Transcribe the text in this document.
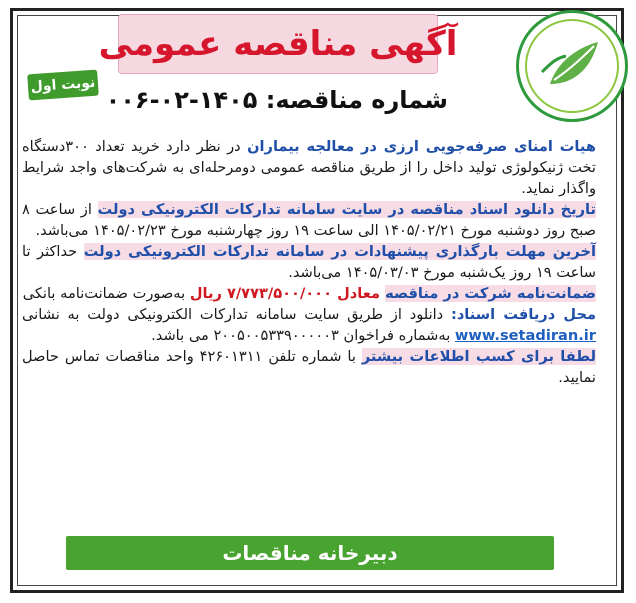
آگهی مناقصه عمومی
نوبت اول
شماره مناقصه: ۱۴۰۵-۰۲-۰۰۶

هیات امنای صرفه‌جویی ارزی در معالجه بیماران در نظر دارد خرید تعداد ۳۰۰دستگاه تخت ژنیکولوژی تولید داخل را از طریق مناقصه عمومی دومرحله‌ای به شرکت‌های واجد شرایط واگذار نماید.

تاریخ دانلود اسناد مناقصه در سایت سامانه تدارکات الکترونیکی دولت از ساعت ۸ صبح روز دوشنبه مورخ ۱۴۰۵/۰۲/۲۱ الی ساعت ۱۹ روز چهارشنبه مورخ ۱۴۰۵/۰۲/۲۳ می‌باشد.

آخرین مهلت بارگذاری پیشنهادات در سامانه تدارکات الکترونیکی دولت حداکثر تا ساعت ۱۹ روز یک‌شنبه مورخ ۱۴۰۵/۰۳/۰۳ می‌باشد.

ضمانت‌نامه شرکت در مناقصه معادل ۷/۷۷۳/۵۰۰/۰۰۰ ریال به‌صورت ضمانت‌نامه بانکی

محل دریافت اسناد: دانلود از طریق سایت سامانه تدارکات الکترونیکی دولت به نشانی www.setadiran.ir به‌شماره فراخوان ۲۰۰۵۰۰۵۳۳۹۰۰۰۰۰۳ می باشد.

لطفا برای کسب اطلاعات بیشتر با شماره تلفن ۴۲۶۰۱۳۱۱ واحد مناقصات تماس حاصل نمایید.

دبیرخانه مناقصات
